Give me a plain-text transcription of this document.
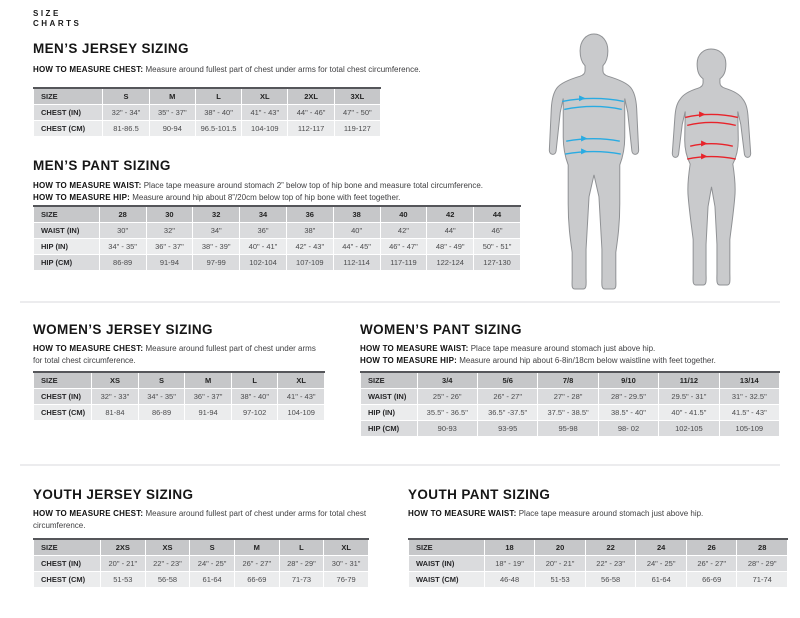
SIZE
CHARTS
MEN’S JERSEY SIZING

HOW TO MEASURE CHEST: Measure around fullest part of chest under arms for total chest circumference.

SIZE	S	M	L	XL	2XL	3XL
CHEST (IN)	32" - 34"	35" - 37"	38" - 40"	41" - 43"	44" - 46"	47" - 50"
CHEST (CM)	81-86.5	90-94	96.5-101.5	104-109	112-117	119-127
MEN’S PANT SIZING

HOW TO MEASURE WAIST: Place tape measure around stomach 2” below top of hip bone and measure total circumference.

HOW TO MEASURE HIP: Measure around hip about 8”/20cm below top of hip bone with feet together.

SIZE	28	30	32	34	36	38	40	42	44
WAIST (IN)	30"	32"	34"	36"	38"	40"	42"	44"	46"
HIP (IN)	34" - 35"	36" - 37"	38" - 39"	40" - 41"	42" - 43"	44" - 45"	46" - 47"	48" - 49"	50" - 51"
HIP (CM)	86-89	91-94	97-99	102-104	107-109	112-114	117-119	122-124	127-130
WOMEN’S JERSEY SIZING

HOW TO MEASURE CHEST: Measure around fullest part of chest under arms for total chest circumference.

SIZE	XS	S	M	L	XL
CHEST (IN)	32" - 33"	34" - 35"	36" - 37"	38" - 40"	41" - 43"
CHEST (CM)	81-84	86-89	91-94	97-102	104-109
WOMEN’S PANT SIZING

HOW TO MEASURE WAIST: Place tape measure around stomach just above hip.

HOW TO MEASURE HIP: Measure around hip about 6-8in/18cm below waistline with feet together.

SIZE	3/4	5/6	7/8	9/10	11/12	13/14
WAIST (IN)	25" - 26"	26" - 27"	27" - 28"	28" - 29.5"	29.5" - 31"	31" - 32.5"
HIP (IN)	35.5" - 36.5"	36.5" -37.5"	37.5" - 38.5"	38.5" - 40"	40" - 41.5"	41.5" - 43"
HIP (CM)	90-93	93-95	95-98	98- 02	102-105	105-109
YOUTH JERSEY SIZING

HOW TO MEASURE CHEST: Measure around fullest part of chest under arms for total chest circumference.

SIZE	2XS	XS	S	M	L	XL
CHEST (IN)	20" - 21"	22" - 23"	24" - 25"	26" - 27"	28" - 29"	30" - 31"
CHEST (CM)	51-53	56-58	61-64	66-69	71-73	76-79
YOUTH PANT SIZING

HOW TO MEASURE WAIST: Place tape measure around stomach just above hip.

SIZE	18	20	22	24	26	28
WAIST (IN)	18" - 19"	20" - 21"	22" - 23"	24" - 25"	26" - 27"	28" - 29"
WAIST (CM)	46-48	51-53	56-58	61-64	66-69	71-74
